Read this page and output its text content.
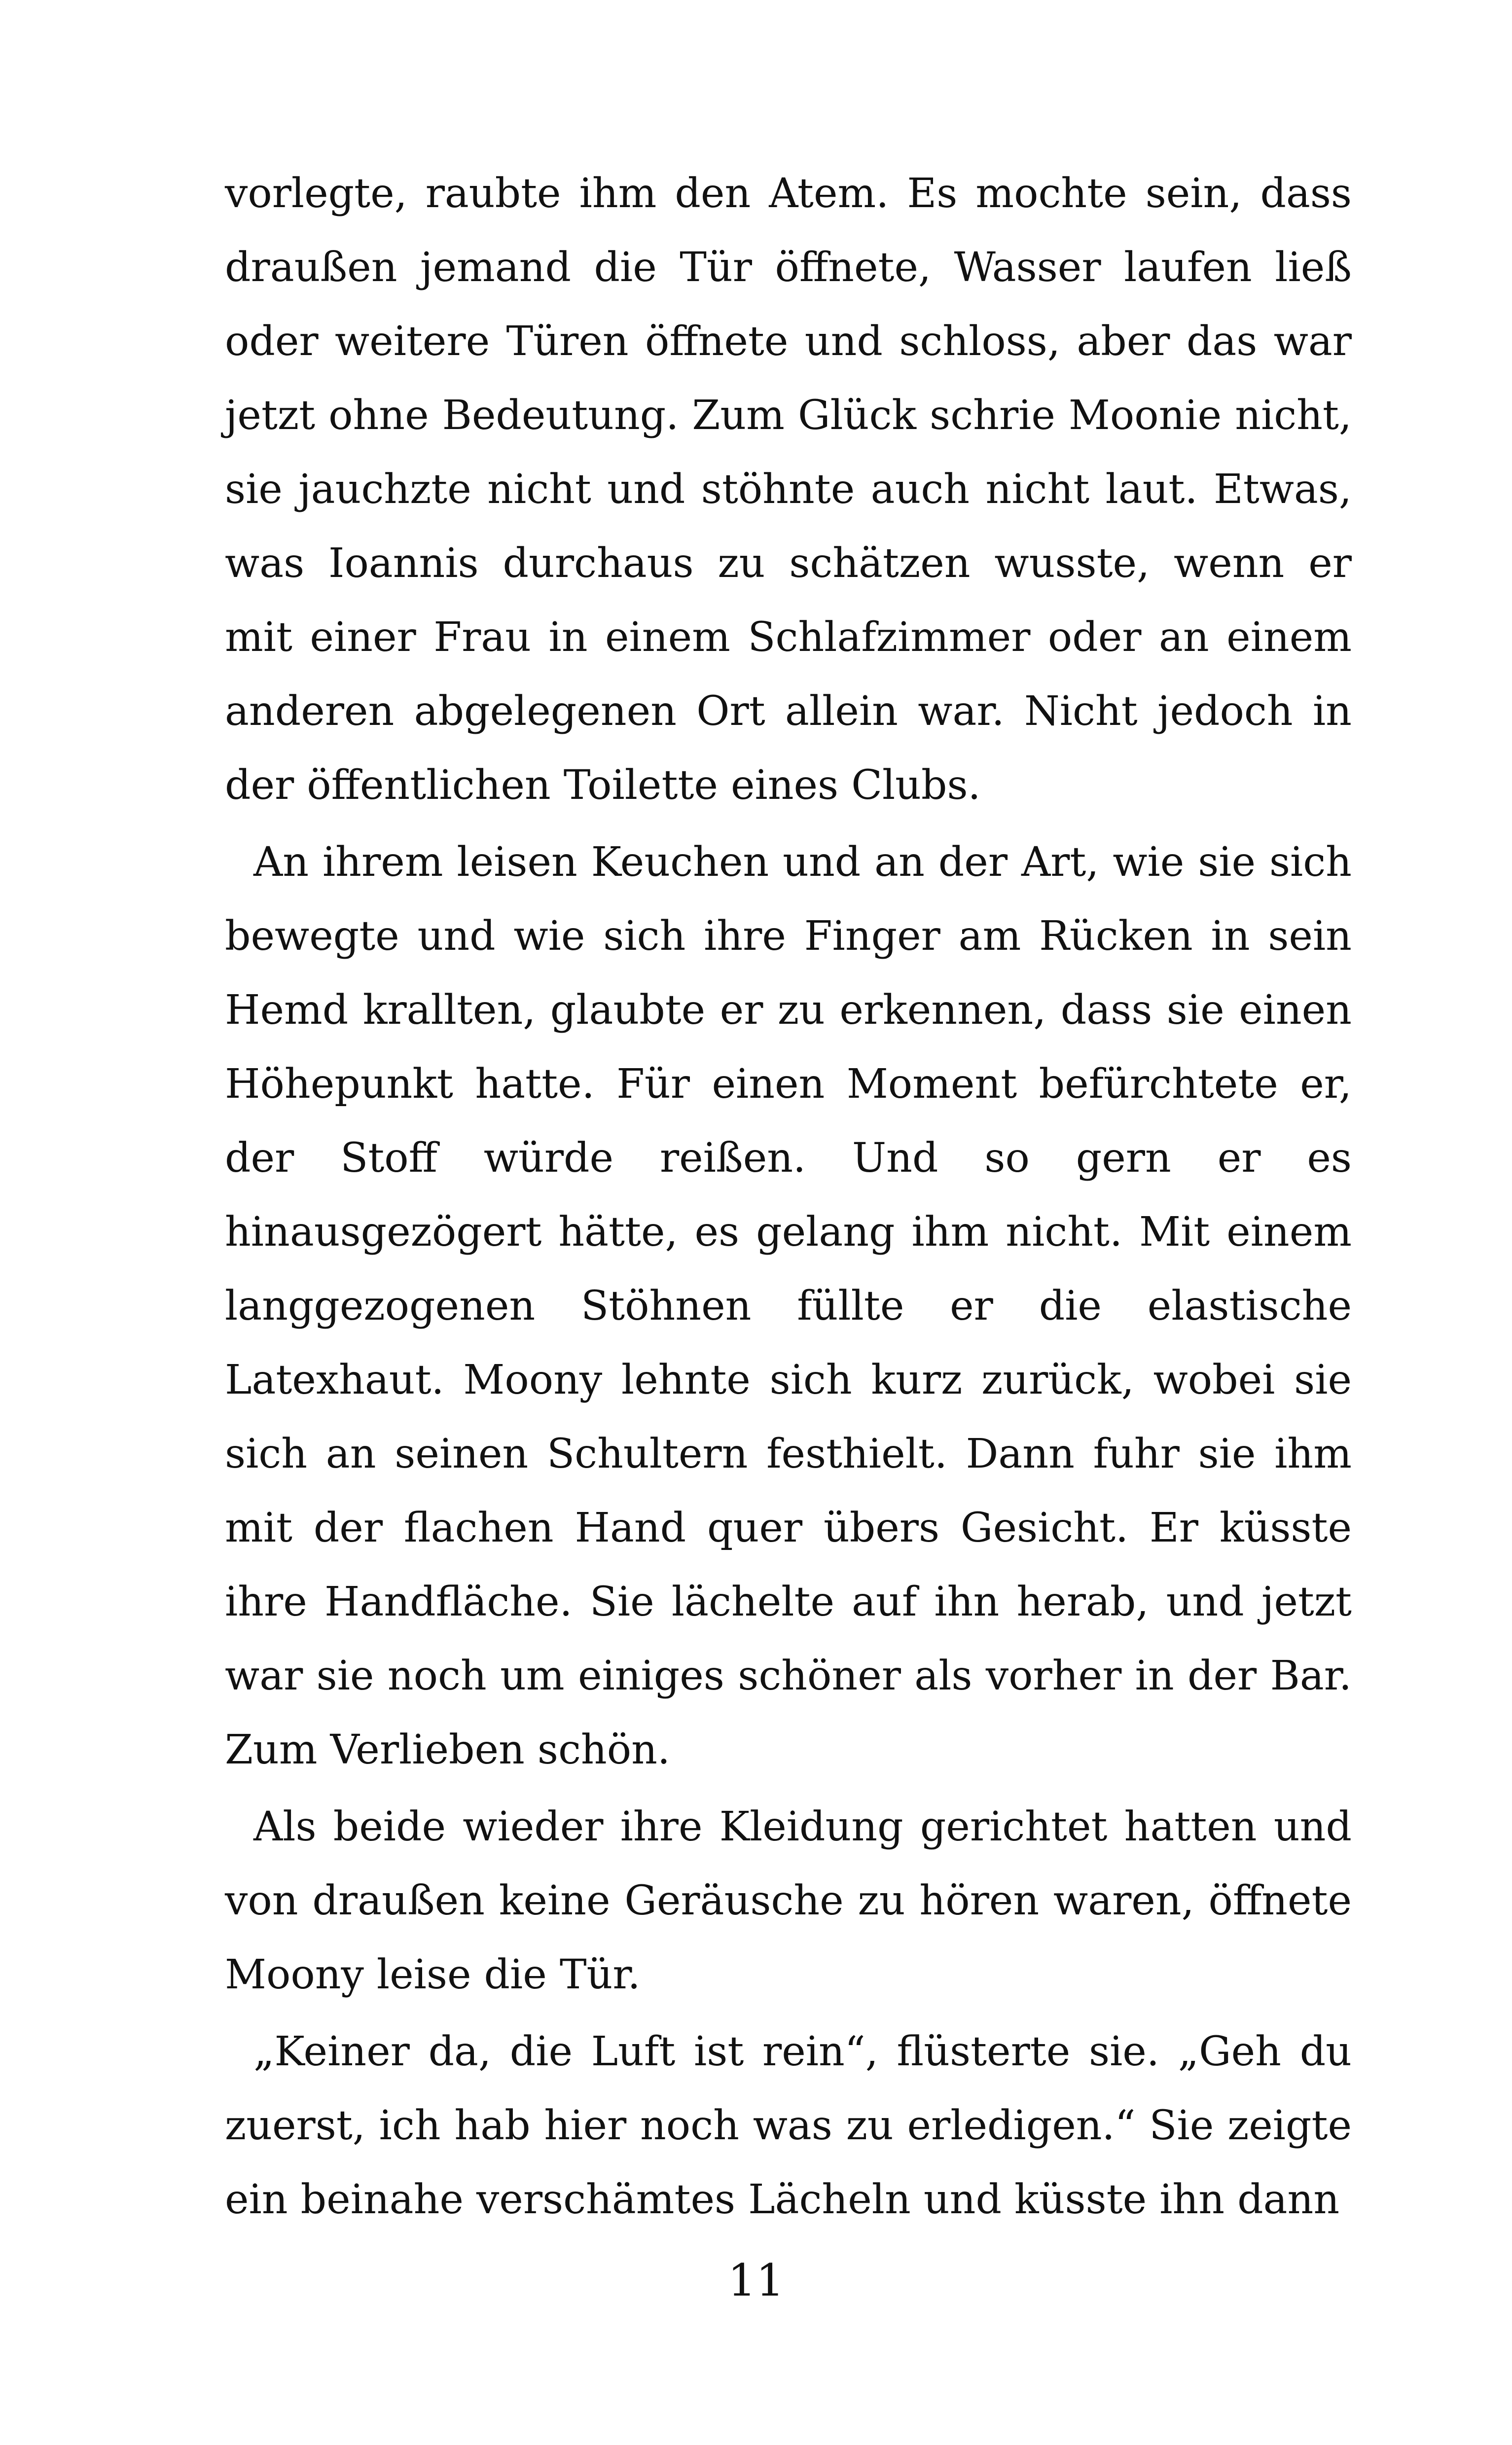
vorlegte, raubte ihm den Atem. Es mochte sein, dass draußen jemand die Tür öffnete, Wasser laufen ließ oder weitere Türen öffnete und schloss, aber das war jetzt ohne Bedeutung. Zum Glück schrie Moonie nicht, sie jauchzte nicht und stöhnte auch nicht laut. Etwas, was Ioannis durchaus zu schätzen wusste, wenn er mit einer Frau in einem Schlafzimmer oder an einem anderen abgelegenen Ort allein war. Nicht jedoch in der öffentlichen Toilette eines Clubs.

An ihrem leisen Keuchen und an der Art, wie sie sich bewegte und wie sich ihre Finger am Rücken in sein Hemd krallten, glaubte er zu erkennen, dass sie einen Höhepunkt hatte. Für einen Moment befürchtete er, der Stoff würde reißen. Und so gern er es hinausgezögert hätte, es gelang ihm nicht. Mit einem langgezogenen Stöhnen füllte er die elastische Latexhaut. Moony lehnte sich kurz zurück, wobei sie sich an seinen Schultern festhielt. Dann fuhr sie ihm mit der flachen Hand quer übers Gesicht. Er küsste ihre Handfläche. Sie lächelte auf ihn herab, und jetzt war sie noch um einiges schöner als vorher in der Bar. Zum Verlieben schön.

Als beide wieder ihre Kleidung gerichtet hatten und von draußen keine Geräusche zu hören waren, öffnete Moony leise die Tür.

„Keiner da, die Luft ist rein“, flüsterte sie. „Geh du zuerst, ich hab hier noch was zu erledigen.“ Sie zeigte ein beinahe verschämtes Lächeln und küsste ihn dann

11
